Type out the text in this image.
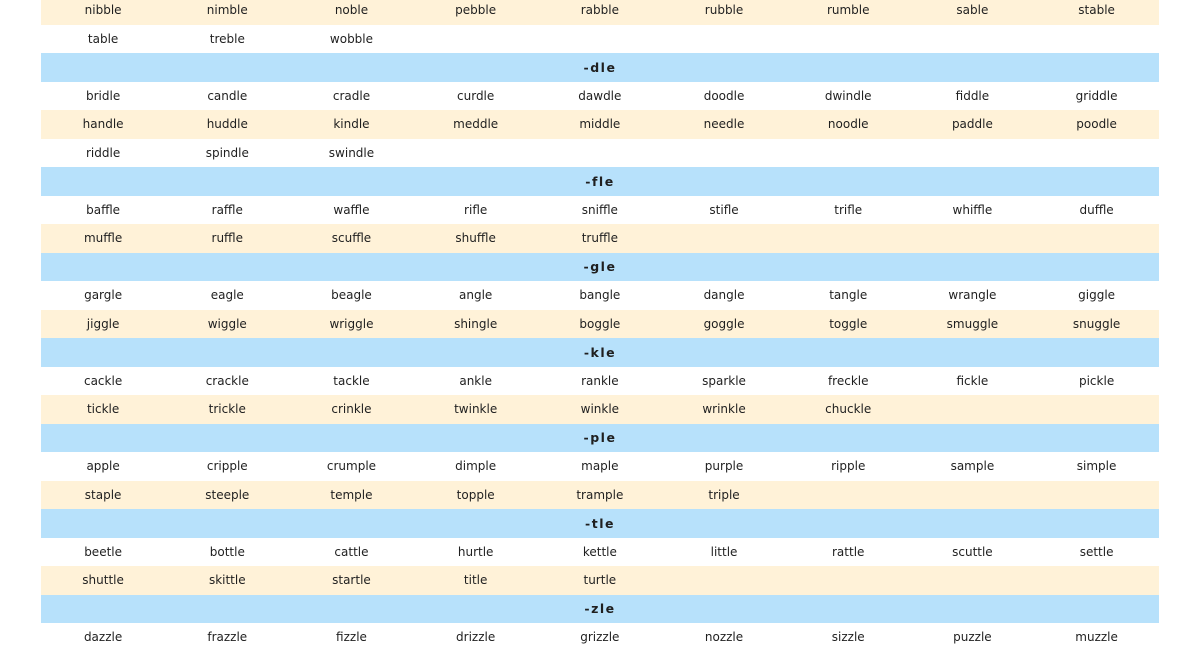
nibble	nimble	noble	pebble	rabble	rubble	rumble	sable	stable
table	treble	wobble
-dle
bridle	candle	cradle	curdle	dawdle	doodle	dwindle	fiddle	griddle
handle	huddle	kindle	meddle	middle	needle	noodle	paddle	poodle
riddle	spindle	swindle
-fle
baffle	raffle	waffle	rifle	sniffle	stifle	trifle	whiffle	duffle
muffle	ruffle	scuffle	shuffle	truffle
-gle
gargle	eagle	beagle	angle	bangle	dangle	tangle	wrangle	giggle
jiggle	wiggle	wriggle	shingle	boggle	goggle	toggle	smuggle	snuggle
-kle
cackle	crackle	tackle	ankle	rankle	sparkle	freckle	fickle	pickle
tickle	trickle	crinkle	twinkle	winkle	wrinkle	chuckle
-ple
apple	cripple	crumple	dimple	maple	purple	ripple	sample	simple
staple	steeple	temple	topple	trample	triple
-tle
beetle	bottle	cattle	hurtle	kettle	little	rattle	scuttle	settle
shuttle	skittle	startle	title	turtle
-zle
dazzle	frazzle	fizzle	drizzle	grizzle	nozzle	sizzle	puzzle	muzzle
